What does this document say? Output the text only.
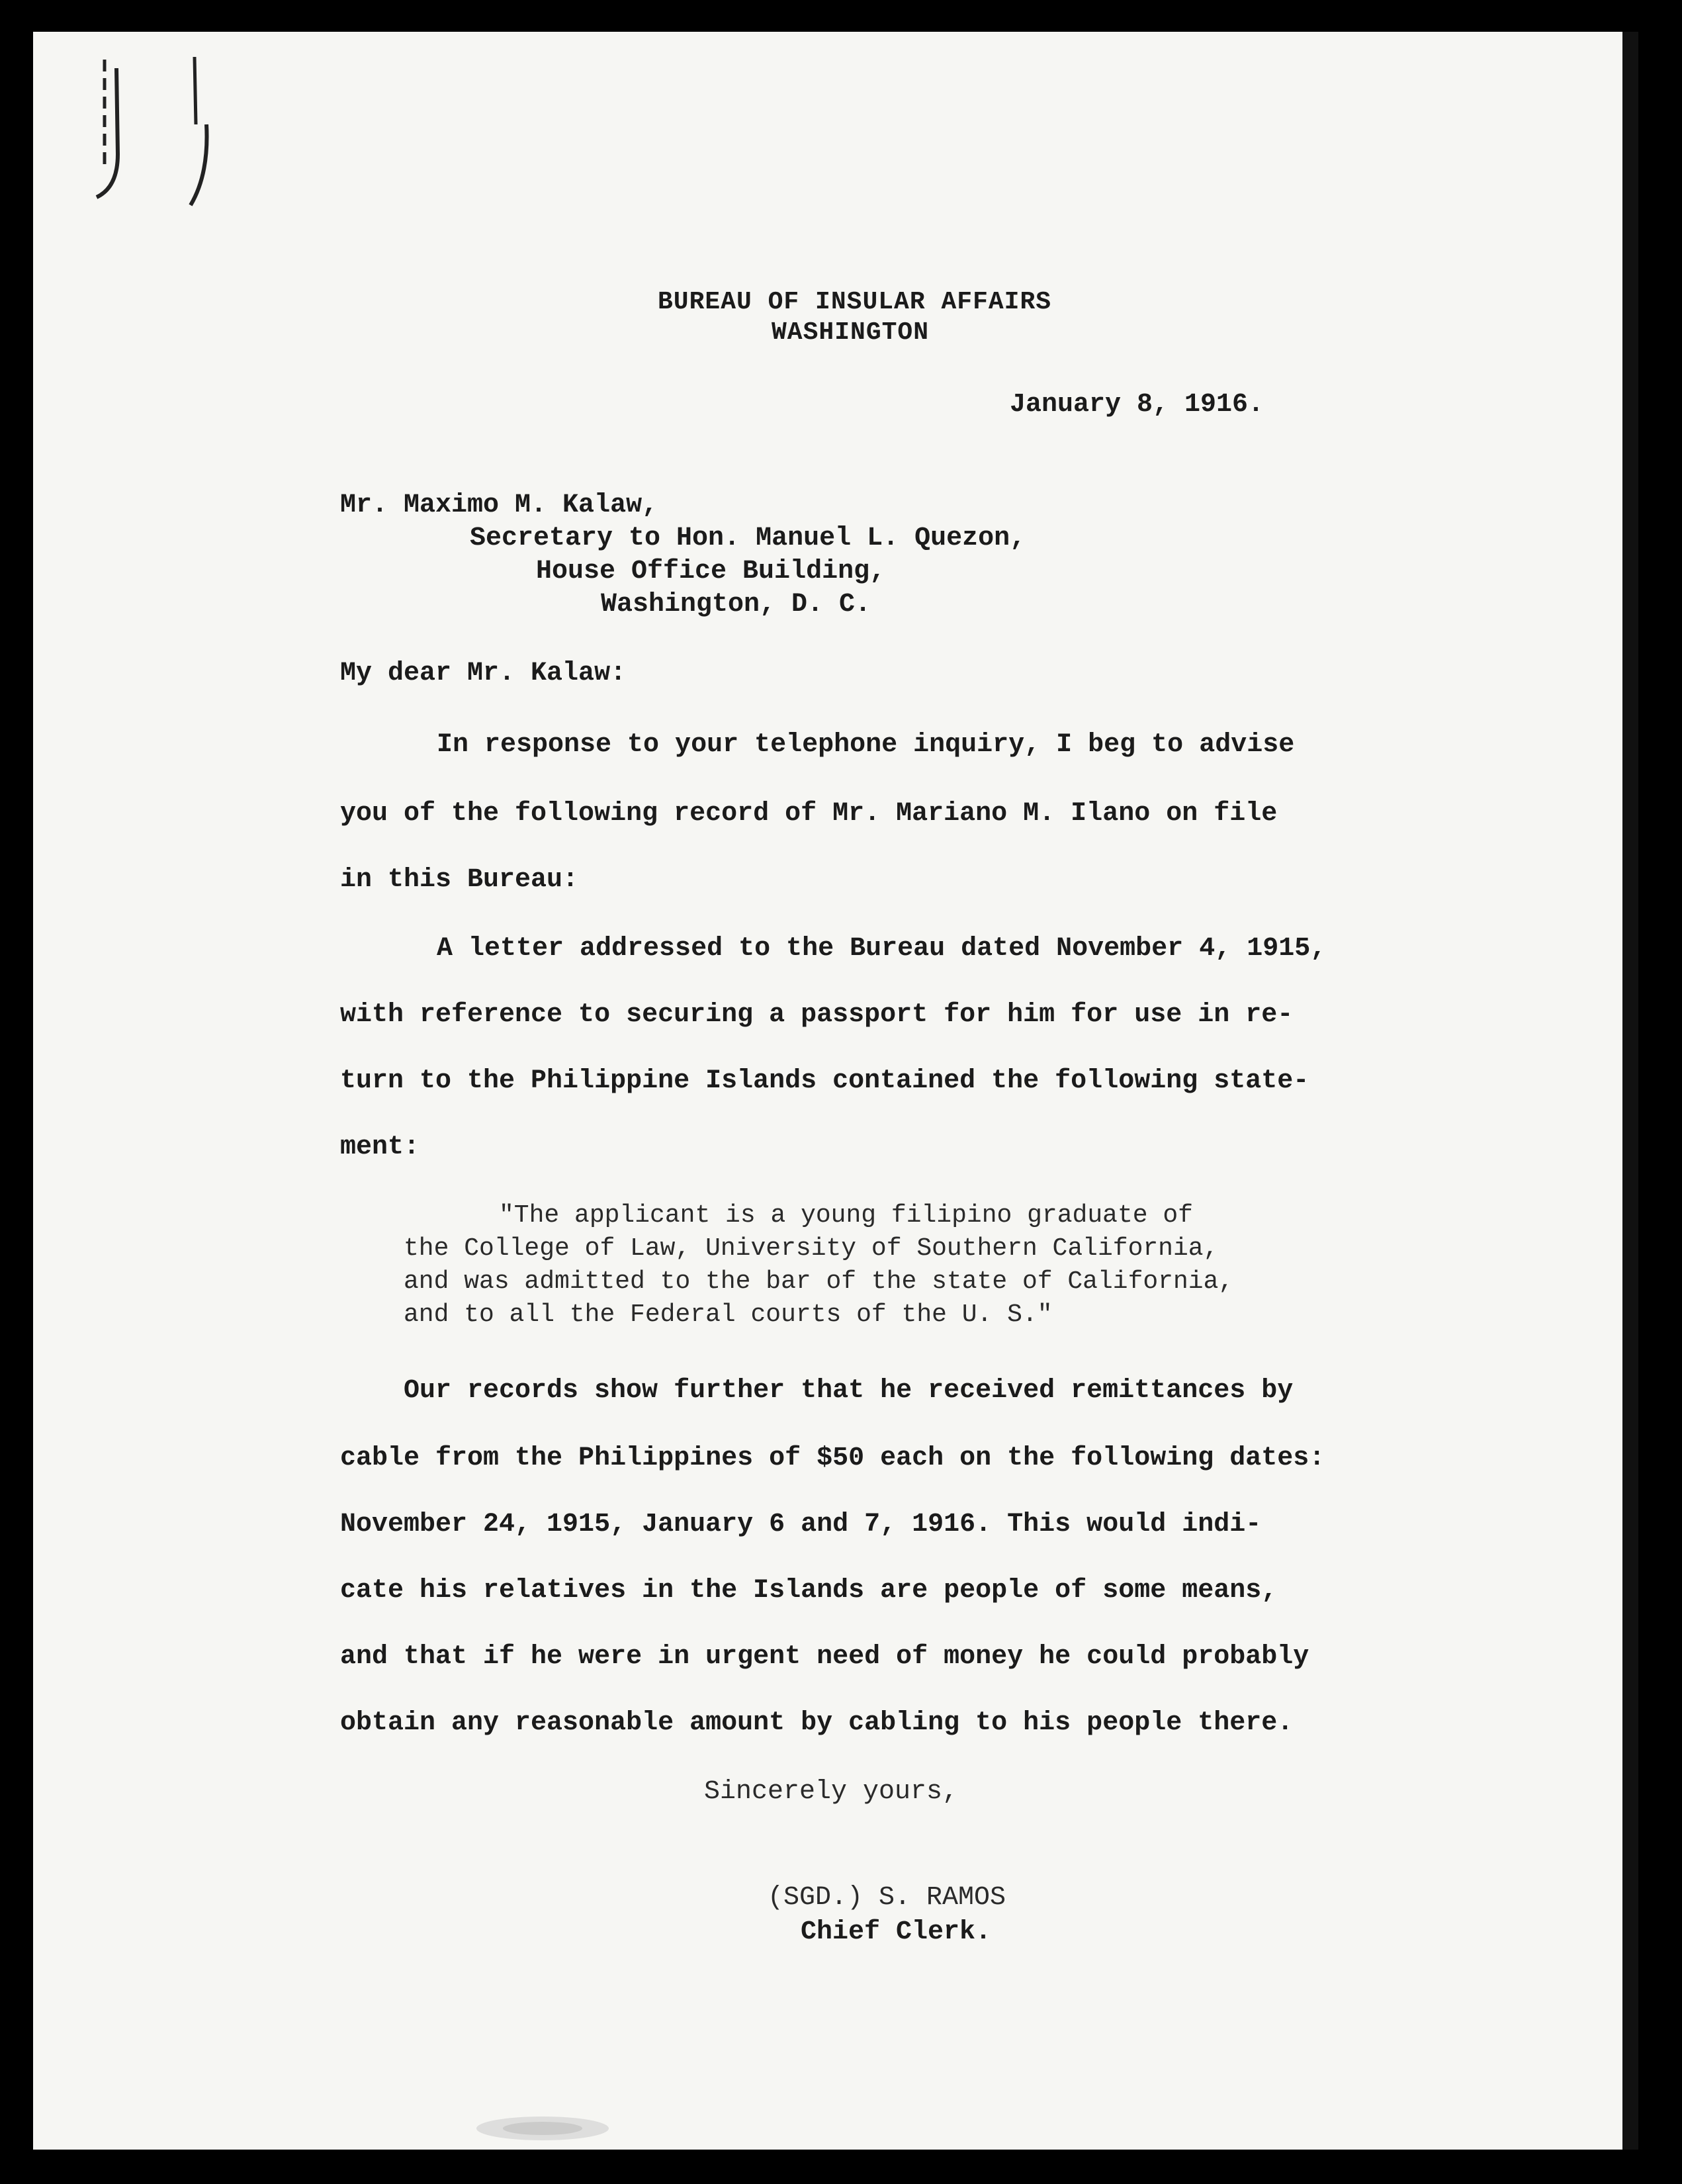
BUREAU OF INSULAR AFFAIRS
WASHINGTON
January 8, 1916.
Mr. Maximo M. Kalaw,
Secretary to Hon. Manuel L. Quezon,
House Office Building,
Washington, D. C.
My dear Mr. Kalaw:
In response to your telephone inquiry, I beg to advise
you of the following record of Mr. Mariano M. Ilano on file
in this Bureau:
A letter addressed to the Bureau dated November 4, 1915,
with reference to securing a passport for him for use in re-
turn to the Philippine Islands contained the following state-
ment:
"The applicant is a young filipino graduate of
the College of Law, University of Southern California,
and was admitted to the bar of the state of California,
and to all the Federal courts of the U. S."
Our records show further that he received remittances by
cable from the Philippines of $50 each on the following dates:
November 24, 1915, January 6 and 7, 1916. This would indi-
cate his relatives in the Islands are people of some means,
and that if he were in urgent need of money he could probably
obtain any reasonable amount by cabling to his people there.
Sincerely yours,
(SGD.) S. RAMOS
Chief Clerk.
